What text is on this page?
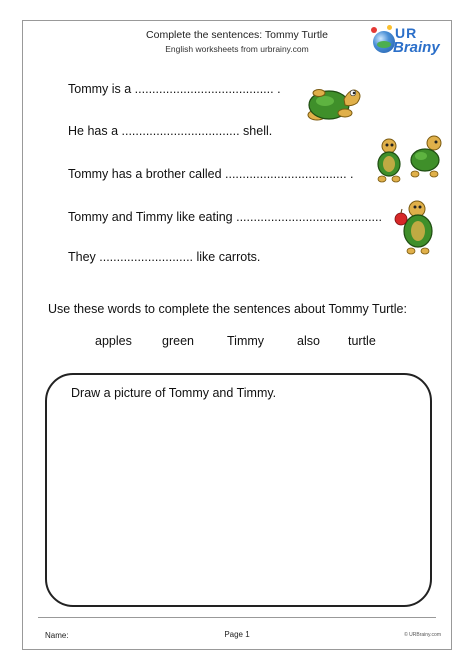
Complete the sentences: Tommy Turtle
English worksheets from urbrainy.com
UR
Brainy
Tommy is a ........................................ .
He has a .................................. shell.
Tommy has a brother called ................................... .
Tommy and Timmy like eating ..........................................
They ........................... like carrots.
Use these words to complete the sentences about Tommy Turtle:
apples green	Timmy	also turtle
Draw a picture of Tommy and Timmy.
Name:	Page 1	© URBrainy.com
